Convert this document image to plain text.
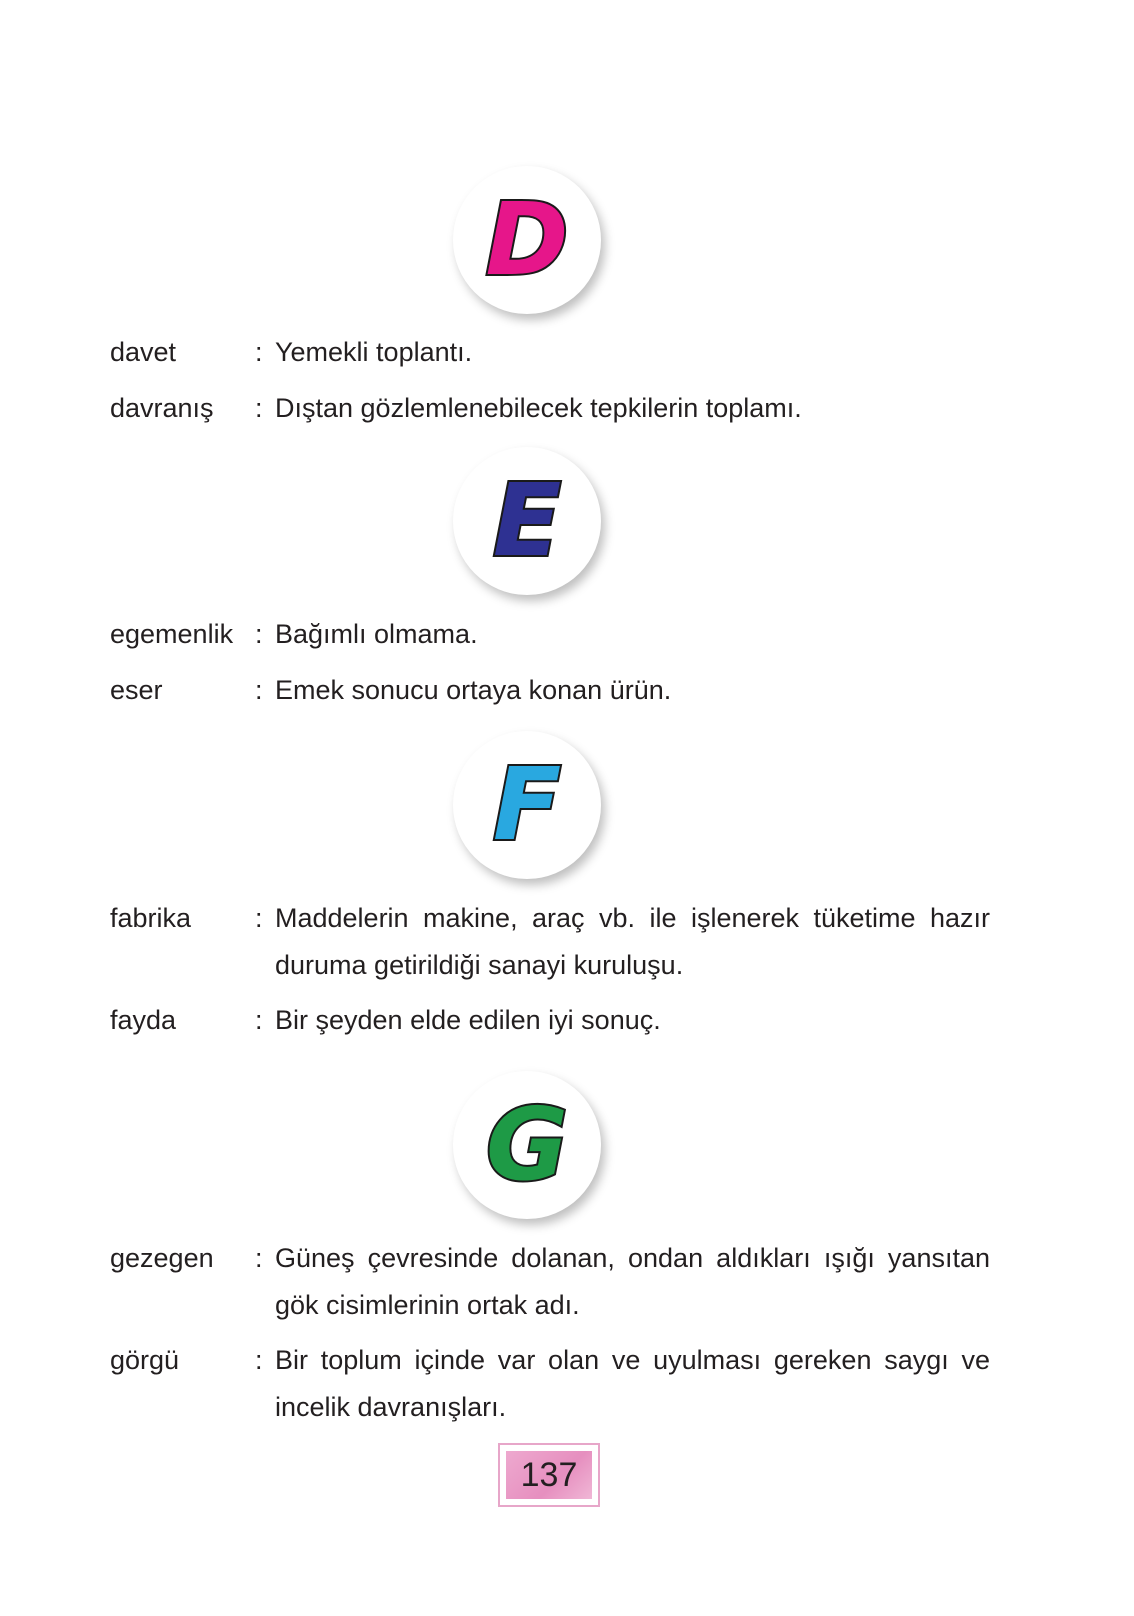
D
davet	: Yemekli toplantı.
davranış	: Dıştan gözlemlenebilecek tepkilerin toplamı.
E
egemenlik : Bağımlı olmama.
eser	: Emek sonucu ortaya konan ürün.
F
fabrika	: Maddelerin makine, araç vb. ile işlenerek tüketime hazır duruma getirildiği sanayi kuruluşu.
fayda	: Bir şeyden elde edilen iyi sonuç.
G
gezegen	: Güneş çevresinde dolanan, ondan aldıkları ışığı yansıtan gök cisimlerinin ortak adı.
görgü	: Bir toplum içinde var olan ve uyulması gereken saygı ve incelik davranışları.
137
